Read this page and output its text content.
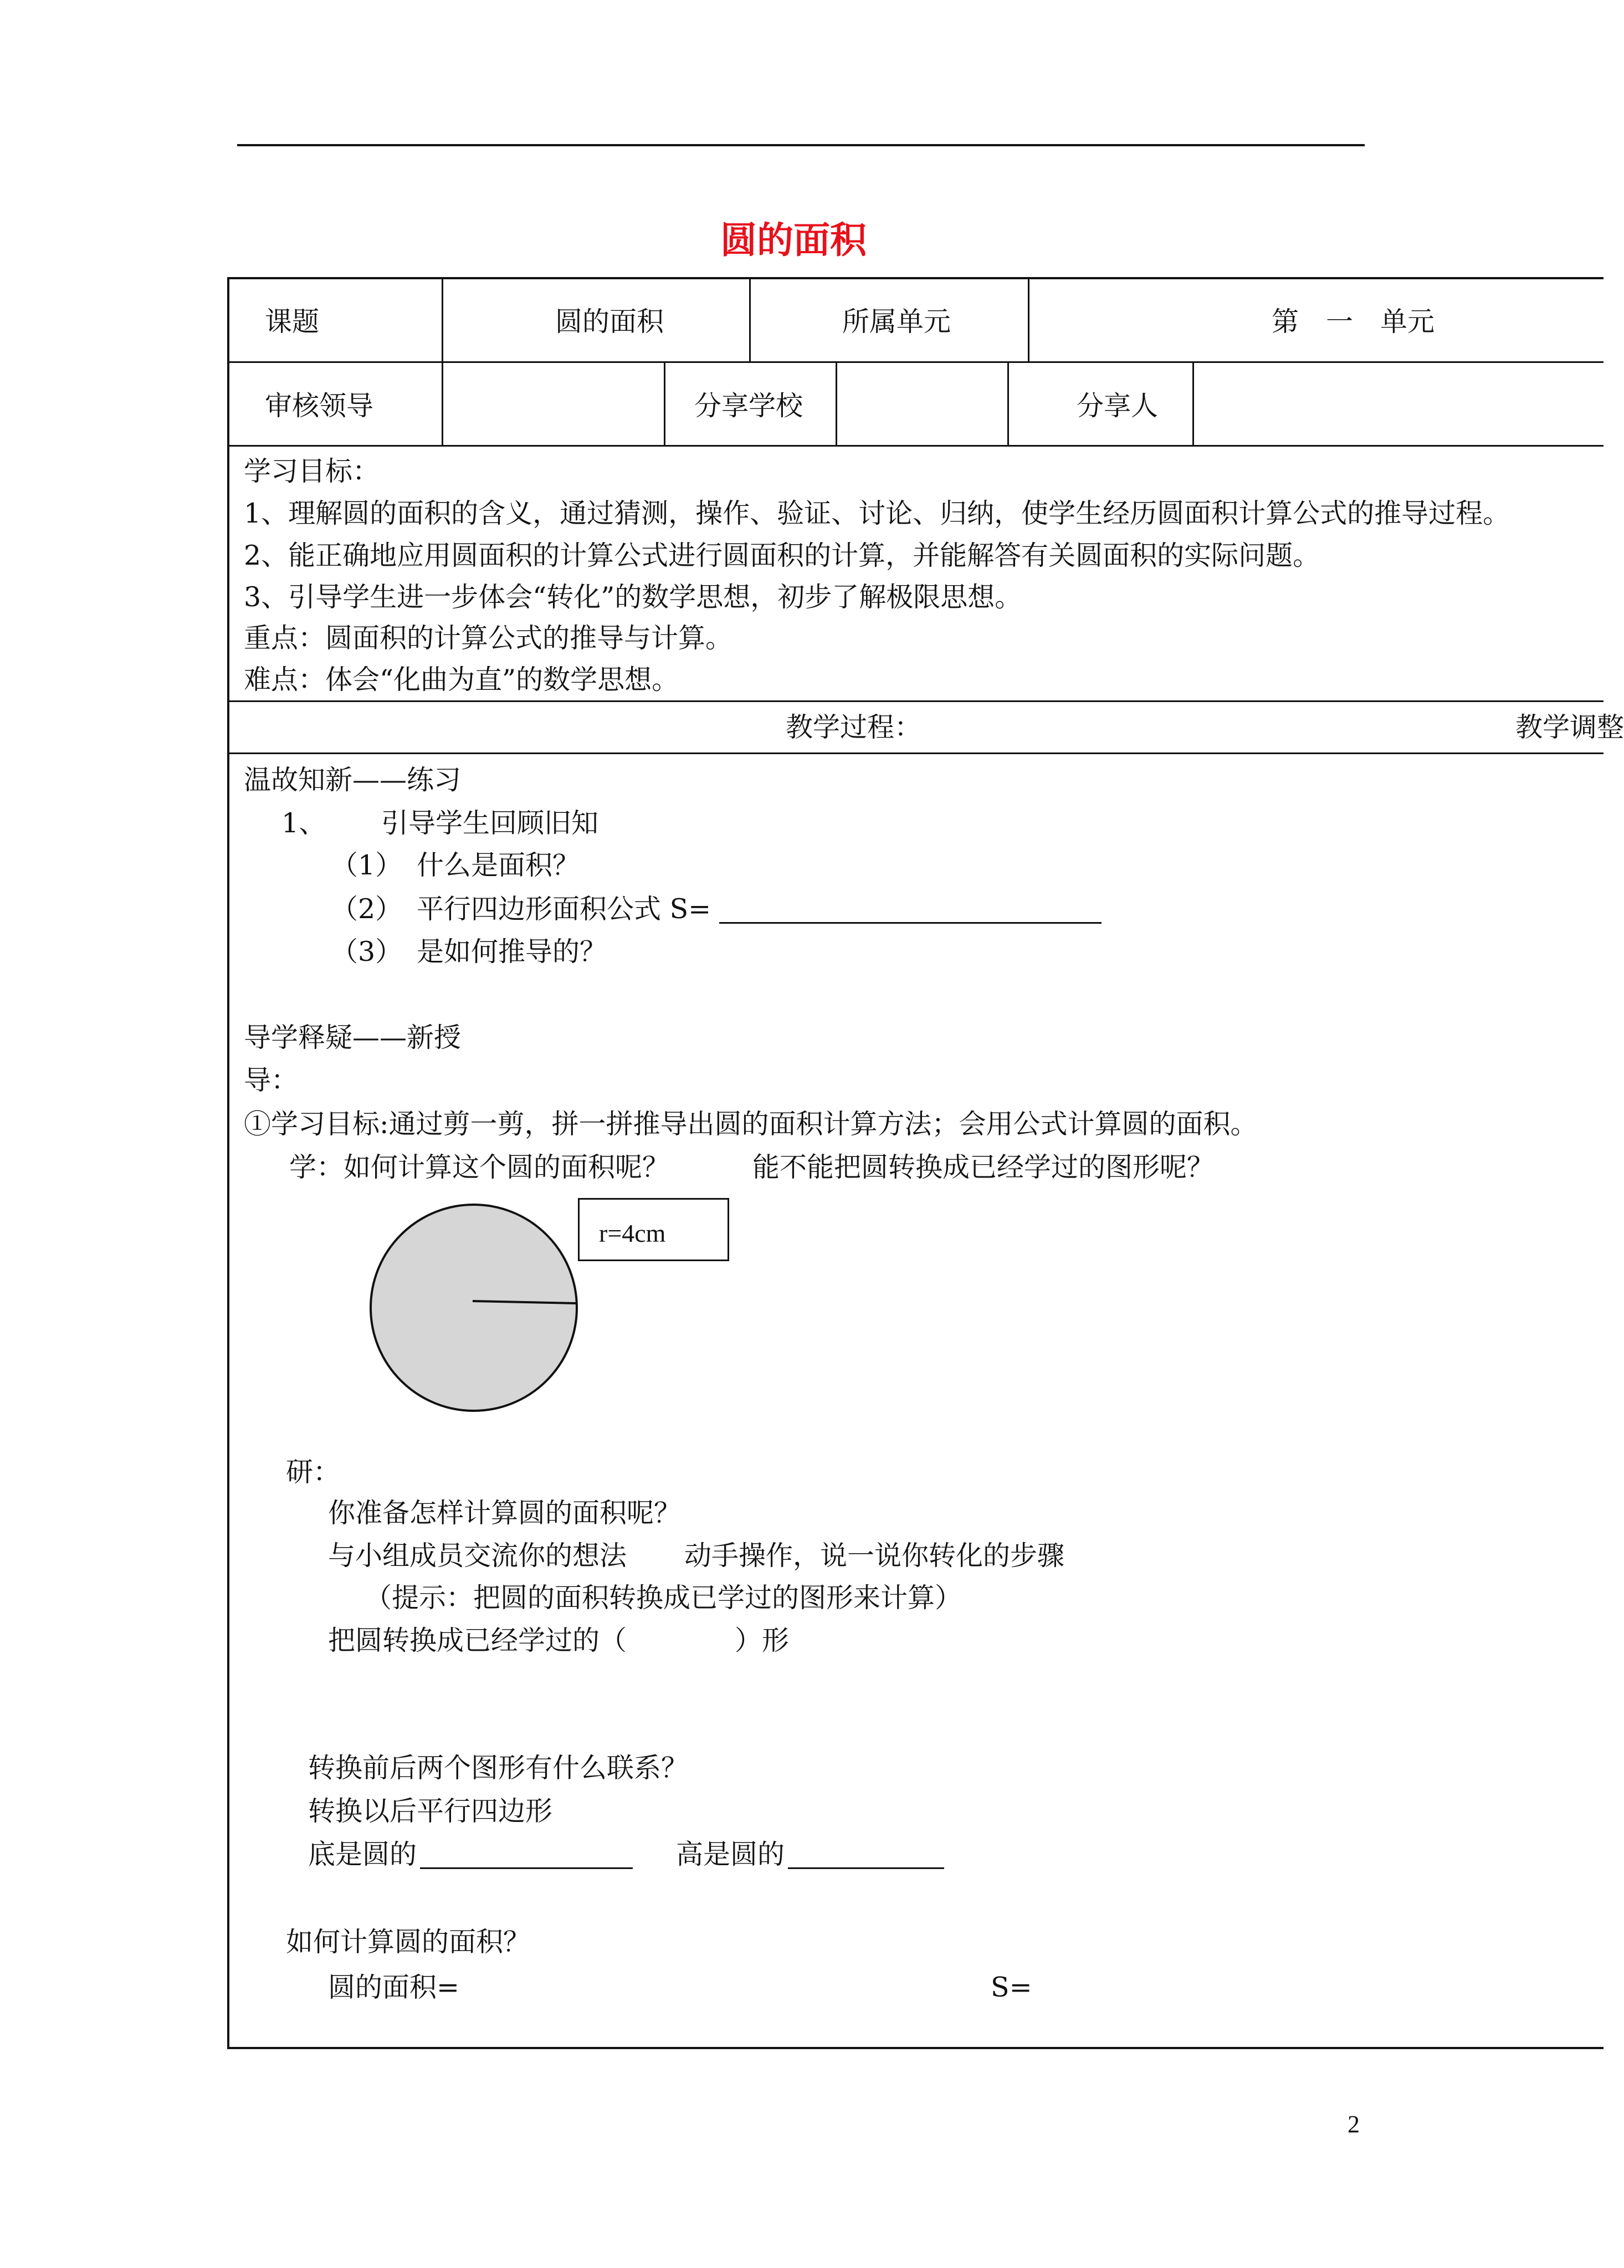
圆的面积
课题	圆的面积	所属单元	第　一　单元
审核领导	分享学校	分享人
学习目标：
1、理解圆的面积的含义，通过猜测，操作、验证、讨论、归纳，使学生经历圆面积计算公式的推导过程。
2、能正确地应用圆面积的计算公式进行圆面积的计算，并能解答有关圆面积的实际问题。
3、引导学生进一步体会“转化”的数学思想，初步了解极限思想。
重点：圆面积的计算公式的推导与计算。
难点：体会“化曲为直”的数学思想。
教学过程：	教学调整
温故知新——练习
1、 引导学生回顾旧知
（1） 什么是面积？
（2） 平行四边形面积公式 S=
（3） 是如何推导的？
导学释疑——新授
导：
①学习目标:通过剪一剪，拼一拼推导出圆的面积计算方法；会用公式计算圆的面积。
学：如何计算这个圆的面积呢？	能不能把圆转换成已经学过的图形呢？
r=4cm
研：
你准备怎样计算圆的面积呢？
与小组成员交流你的想法 动手操作，说一说你转化的步骤
（提示：把圆的面积转换成已学过的图形来计算）
把圆转换成已经学过的（	）形
转换前后两个图形有什么联系？
转换以后平行四边形
底是圆的	高是圆的
如何计算圆的面积？
圆的面积=	S=
2
